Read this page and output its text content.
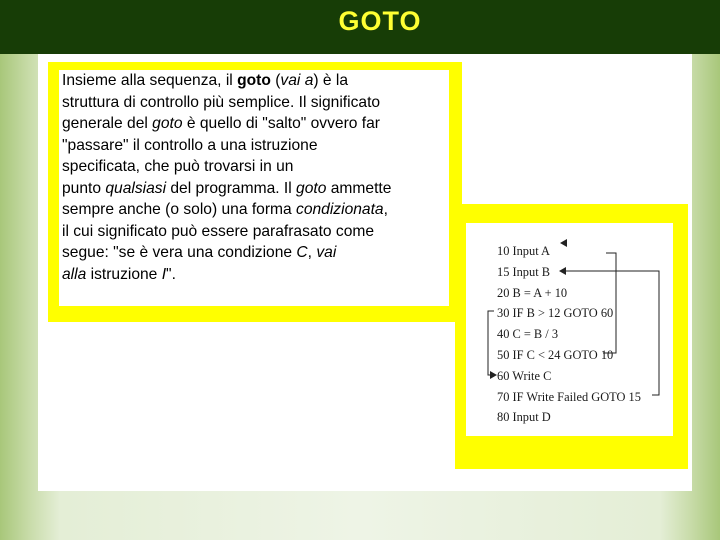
GOTO

Insieme alla sequenza, il goto (vai a) è la

struttura di controllo più semplice. Il significato

generale del goto è quello di "salto" ovvero far

"passare" il controllo a una istruzione

specificata, che può trovarsi in un

punto qualsiasi del programma. Il goto ammette

sempre anche (o solo) una forma condizionata,

il cui significato può essere parafrasato come

segue: "se è vera una condizione C, vai

alla istruzione I".

10 Input A
15 Input B
20 B = A + 10
30 IF B > 12 GOTO 60
40 C = B / 3
50 IF C < 24 GOTO 10
60 Write C
70 IF Write Failed GOTO 15
80 Input D
